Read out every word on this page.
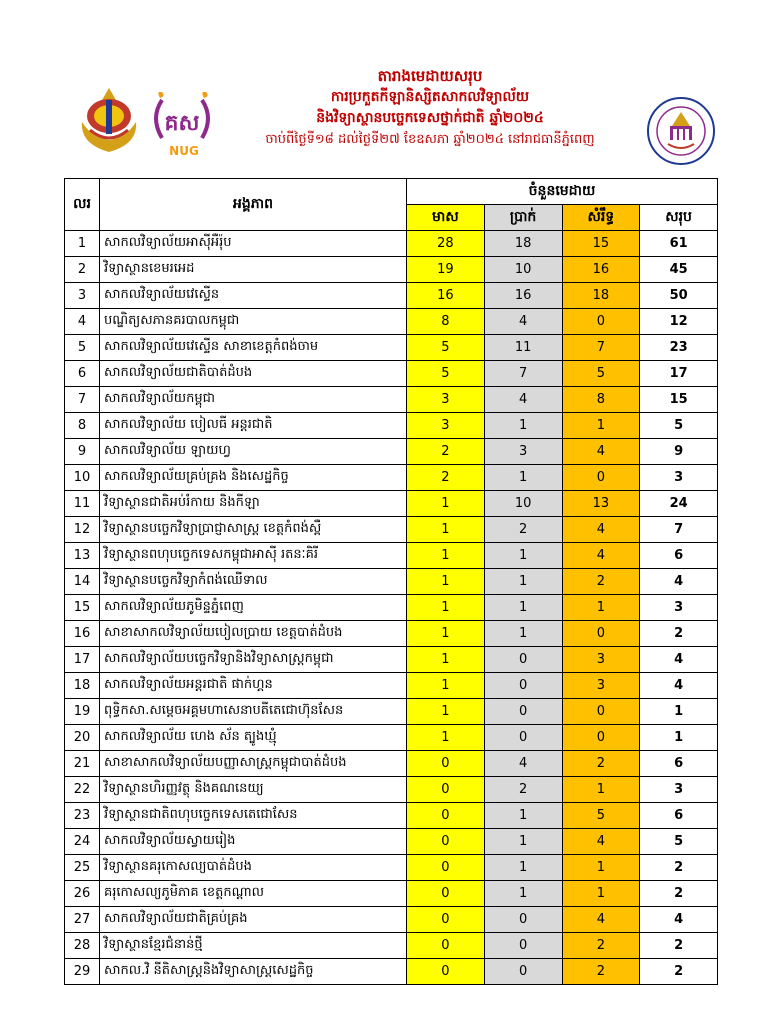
គស
NUG
តារាងមេដាយសរុប
ការប្រកួតកីឡានិស្សិតសាកលវិទ្យាល័យ
និងវិទ្យាស្ថានបច្ចេកទេសថ្នាក់ជាតិ ឆ្នាំ២០២៤
ចាប់ពីថ្ងៃទី១៨ ដល់ថ្ងៃទី២៧ ខែឧសភា ឆ្នាំ២០២៤ នៅរាជធានីភ្នំពេញ
លរ	អង្គភាព	ចំនួនមេដាយ			
		មាស	ប្រាក់	សំរឹទ្ធ	សរុប
1	សាកលវិទ្យាល័យអាស៊ីអឺរ៉ុប	28	18	15	61
2	វិទ្យាស្ថានខេមរអេដ	19	10	16	45
3	សាកលវិទ្យាល័យវេស្ទើន	16	16	18	50
4	បណ្ឌិត្យសភានគរបាលកម្ពុជា	8	4	0	12
5	សាកលវិទ្យាល័យវេស្ទើន សាខាខេត្តកំពង់ចាម	5	11	7	23
6	សាកលវិទ្យាល័យជាតិបាត់ដំបង	5	7	5	17
7	សាកលវិទ្យាល័យកម្ពុជា	3	4	8	15
8	សាកលវិទ្យាល័យ បៀលធី អន្តរជាតិ	3	1	1	5
9	សាកលវិទ្យាល័យ ឡាយហ្វ	2	3	4	9
10	សាកលវិទ្យាល័យគ្រប់គ្រង និងសេដ្ឋកិច្ច	2	1	0	3
11	វិទ្យាស្ថានជាតិអប់រំកាយ និងកីឡា	1	10	13	24
12	វិទ្យាស្ថានបច្ចេកវិទ្យាប្រាជ្ញាសាស្រ្ត ខេត្តកំពង់ស្ពឺ	1	2	4	7
13	វិទ្យាស្ថានពហុបច្ចេកទេសកម្ពុជាអាស៊ី រតនៈគិរី	1	1	4	6
14	វិទ្យាស្ថានបច្ចេកវិទ្យាកំពង់ឈើទាល	1	1	2	4
15	សាកលវិទ្យាល័យភូមិន្ទភ្នំពេញ	1	1	1	3
16	សាខាសាកលវិទ្យាល័យបៀលប្រាយ ខេត្តបាត់ដំបង	1	1	0	2
17	សាកលវិទ្យាល័យបច្ចេកវិទ្យានិងវិទ្យាសាស្រ្តកម្ពុជា	1	0	3	4
18	សាកលវិទ្យាល័យអន្តរជាតិ ផាក់ហ្គន	1	0	3	4
19	ពុទ្ធិកសា.សម្តេចអគ្គមហាសេនាបតីតេជោហ៊ុនសែន	1	0	0	1
20	សាកលវិទ្យាល័យ ហេង ស័ន ត្បូងឃ្មុំ	1	0	0	1
21	សាខាសាកលវិទ្យាល័យបញ្ញាសាស្រ្តកម្ពុជាបាត់ដំបង	0	4	2	6
22	វិទ្យាស្ថានហិរញ្ញវត្ថុ និងគណនេយ្យ	0	2	1	3
23	វិទ្យាស្ថានជាតិពហុបច្ចេកទេសតេជោសែន	0	1	5	6
24	សាកលវិទ្យាល័យស្វាយរៀង	0	1	4	5
25	វិទ្យាស្ថានគរុកោសល្យបាត់ដំបង	0	1	1	2
26	គរុកោសល្យភូមិភាគ ខេត្តកណ្តាល	0	1	1	2
27	សាកលវិទ្យាល័យជាតិគ្រប់គ្រង	0	0	4	4
28	វិទ្យាស្ថានខ្មែរជំនាន់ថ្មី	0	0	2	2
29	សាកល.វិ នីតិសាស្រ្តនិងវិទ្យាសាស្រ្តសេដ្ឋកិច្ច	0	0	2	2
